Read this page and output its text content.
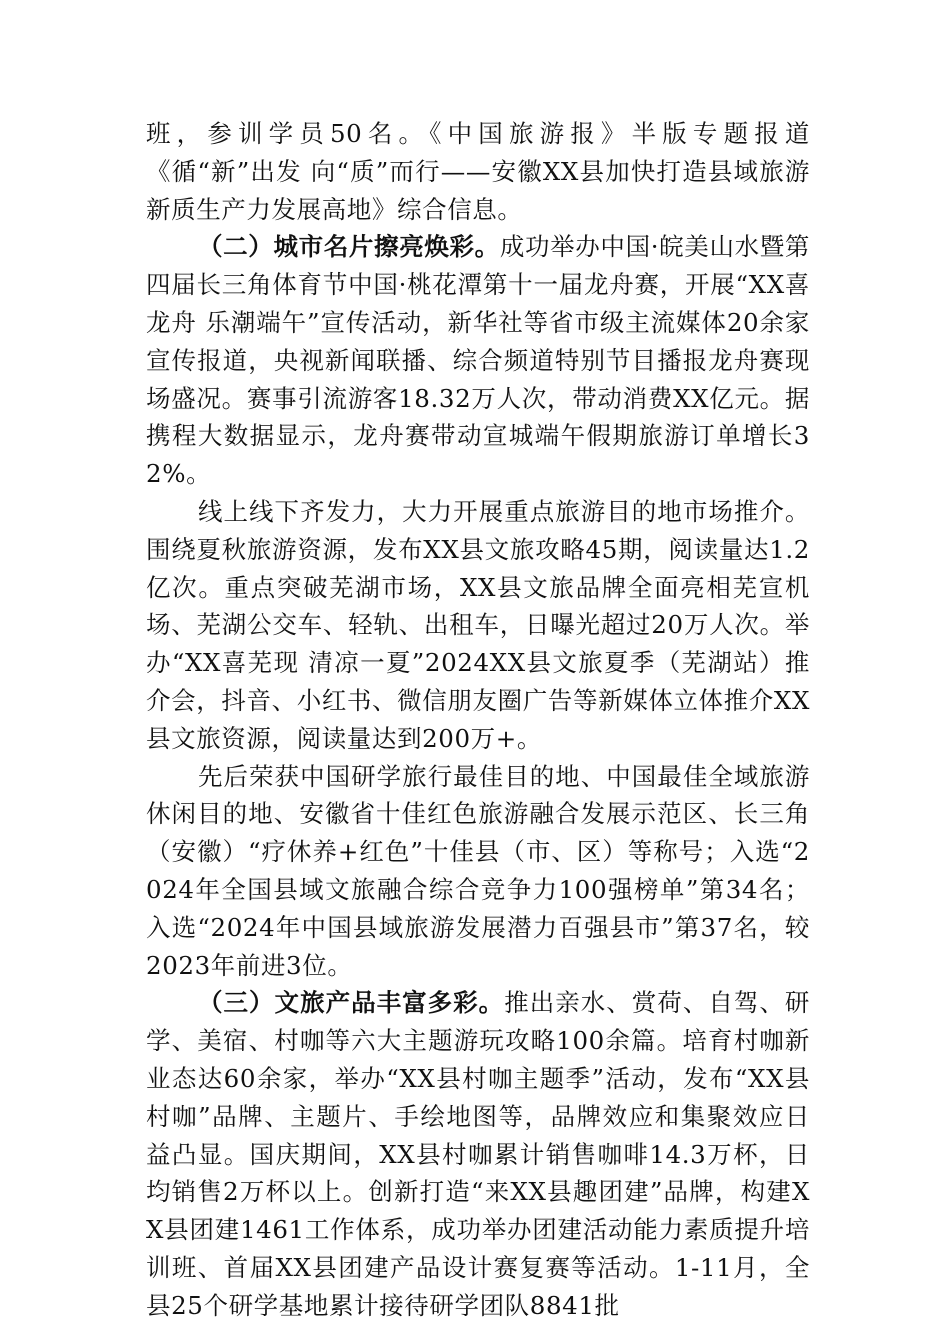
班，参训学员50名。《中国旅游报》半版专题报道《循“新”出发 向“质”而行——安徽XX县加快打造县域旅游新质生产力发展高地》综合信息。

（二）城市名片擦亮焕彩。成功举办中国·皖美山水暨第四届长三角体育节中国·桃花潭第十一届龙舟赛，开展“XX喜龙舟 乐潮端午”宣传活动，新华社等省市级主流媒体20余家宣传报道，央视新闻联播、综合频道特别节目播报龙舟赛现场盛况。赛事引流游客18.32万人次，带动消费XX亿元。据携程大数据显示，龙舟赛带动宣城端午假期旅游订单增长32%。

线上线下齐发力，大力开展重点旅游目的地市场推介。围绕夏秋旅游资源，发布XX县文旅攻略45期，阅读量达1.2亿次。重点突破芜湖市场，XX县文旅品牌全面亮相芜宣机场、芜湖公交车、轻轨、出租车，日曝光超过20万人次。举办“XX喜芜现 清凉一夏”2024XX县文旅夏季（芜湖站）推介会，抖音、小红书、微信朋友圈广告等新媒体立体推介XX县文旅资源，阅读量达到200万+。

先后荣获中国研学旅行最佳目的地、中国最佳全域旅游休闲目的地、安徽省十佳红色旅游融合发展示范区、长三角（安徽）“疗休养+红色”十佳县（市、区）等称号；入选“2024年全国县域文旅融合综合竞争力100强榜单”第34名；入选“2024年中国县域旅游发展潜力百强县市”第37名，较2023年前进3位。

（三）文旅产品丰富多彩。推出亲水、赏荷、自驾、研学、美宿、村咖等六大主题游玩攻略100余篇。培育村咖新业态达60余家，举办“XX县村咖主题季”活动，发布“XX县村咖”品牌、主题片、手绘地图等，品牌效应和集聚效应日益凸显。国庆期间，XX县村咖累计销售咖啡14.3万杯，日均销售2万杯以上。创新打造“来XX县趣团建”品牌，构建XX县团建1461工作体系，成功举办团建活动能力素质提升培训班、首届XX县团建产品设计赛复赛等活动。1-11月，全县25个研学基地累计接待研学团队8841批
